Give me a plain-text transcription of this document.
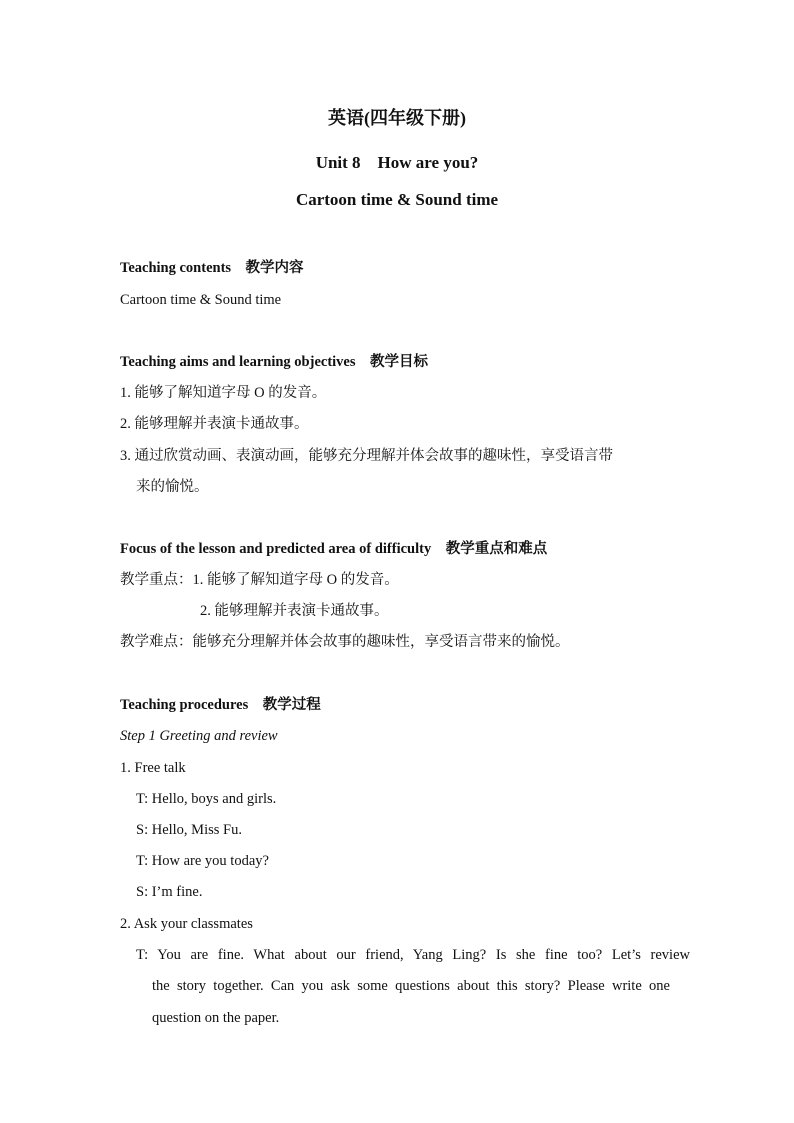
英语(四年级下册)
Unit 8　How are you?
Cartoon time & Sound time
Teaching contents　教学内容
Cartoon time & Sound time
Teaching aims and learning objectives　教学目标
1. 能够了解知道字母 O 的发音。
2. 能够理解并表演卡通故事。
3. 通过欣赏动画、表演动画，能够充分理解并体会故事的趣味性，享受语言带
来的愉悦。
Focus of the lesson and predicted area of difficulty　教学重点和难点
教学重点：1. 能够了解知道字母 O 的发音。
2. 能够理解并表演卡通故事。
教学难点：能够充分理解并体会故事的趣味性，享受语言带来的愉悦。
Teaching procedures　教学过程
Step 1 Greeting and review
1. Free talk
T: Hello, boys and girls.
S: Hello, Miss Fu.
T: How are you today?
S: I’m fine.
2. Ask your classmates
T: You are fine. What about our friend, Yang Ling? Is she fine too? Let’s review
the story together. Can you ask some questions about this story? Please write one
question on the paper.
